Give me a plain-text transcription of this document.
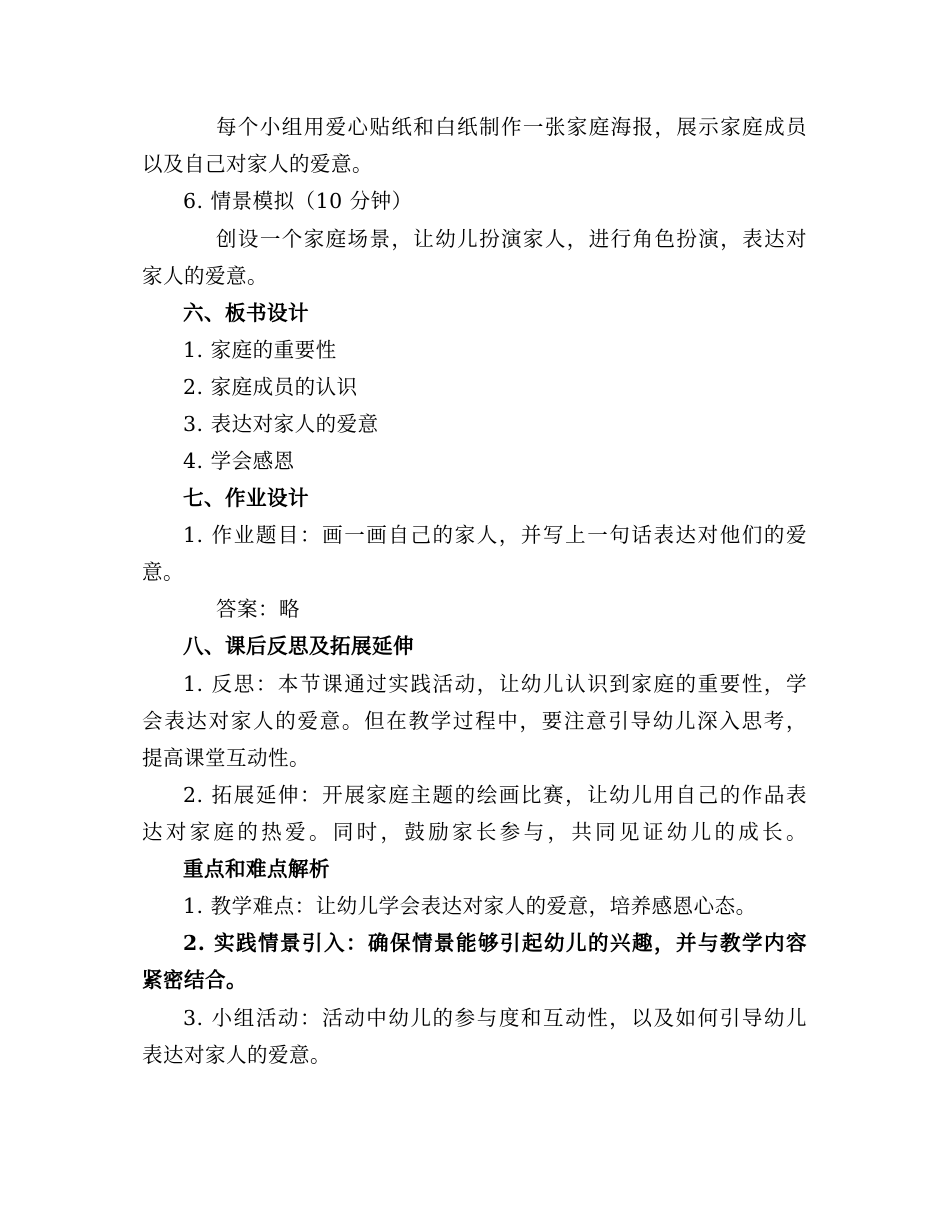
每个小组用爱心贴纸和白纸制作一张家庭海报，展示家庭成员
以及自己对家人的爱意。
6. 情景模拟（10 分钟）
创设一个家庭场景，让幼儿扮演家人，进行角色扮演，表达对
家人的爱意。
六、板书设计
1. 家庭的重要性
2. 家庭成员的认识
3. 表达对家人的爱意
4. 学会感恩
七、作业设计
1. 作业题目：画一画自己的家人，并写上一句话表达对他们的爱
意。
答案：略
八、课后反思及拓展延伸
1. 反思：本节课通过实践活动，让幼儿认识到家庭的重要性，学
会表达对家人的爱意。但在教学过程中，要注意引导幼儿深入思考，
提高课堂互动性。
2. 拓展延伸：开展家庭主题的绘画比赛，让幼儿用自己的作品表
达对家庭的热爱。同时，鼓励家长参与，共同见证幼儿的成长。
重点和难点解析
1. 教学难点：让幼儿学会表达对家人的爱意，培养感恩心态。
2. 实践情景引入：确保情景能够引起幼儿的兴趣，并与教学内容
紧密结合。
3. 小组活动：活动中幼儿的参与度和互动性，以及如何引导幼儿
表达对家人的爱意。
